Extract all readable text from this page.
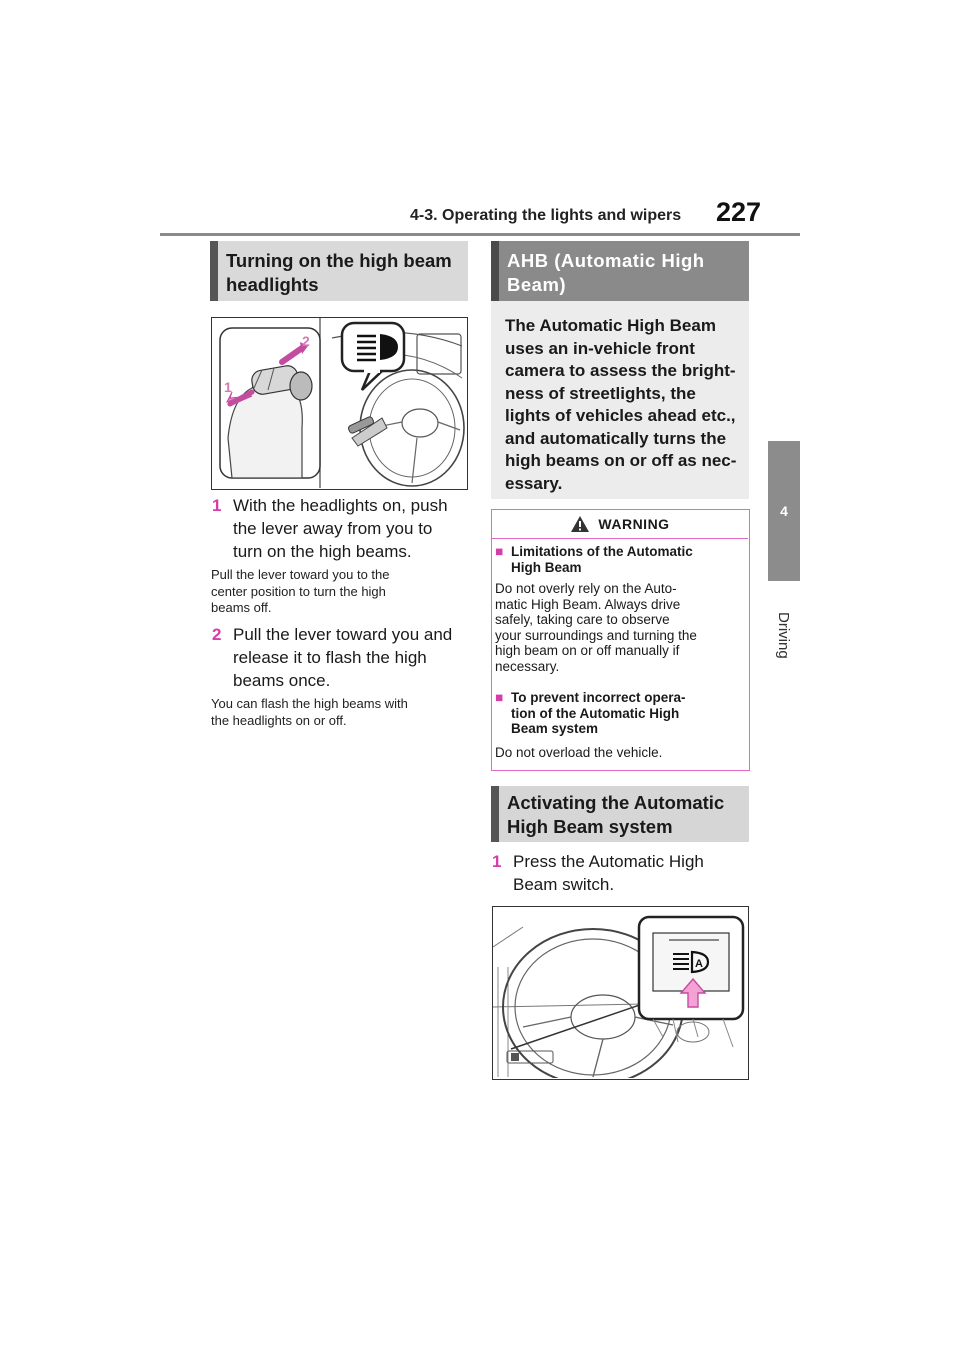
4-3. Operating the lights and wipers 227
4
Driving
Turning on the high beam
headlights
1
2
1 With the headlights on, push
the lever away from you to
turn on the high beams.
Pull the lever toward you to the
center position to turn the high
beams off.
2 Pull the lever toward you and
release it to flash the high
beams once.
You can flash the high beams with
the headlights on or off.
AHB (Automatic High
Beam)
The Automatic High Beam
uses an in-vehicle front
camera to assess the bright-
ness of streetlights, the
lights of vehicles ahead etc.,
and automatically turns the
high beams on or off as nec-
essary.
WARNING
■ Limitations of the Automatic
High Beam
Do not overly rely on the Auto-
matic High Beam. Always drive
safely, taking care to observe
your surroundings and turning the
high beam on or off manually if
necessary.
■ To prevent incorrect opera-
tion of the Automatic High
Beam system
Do not overload the vehicle.
Activating the Automatic
High Beam system
1 Press the Automatic High
Beam switch.
A
